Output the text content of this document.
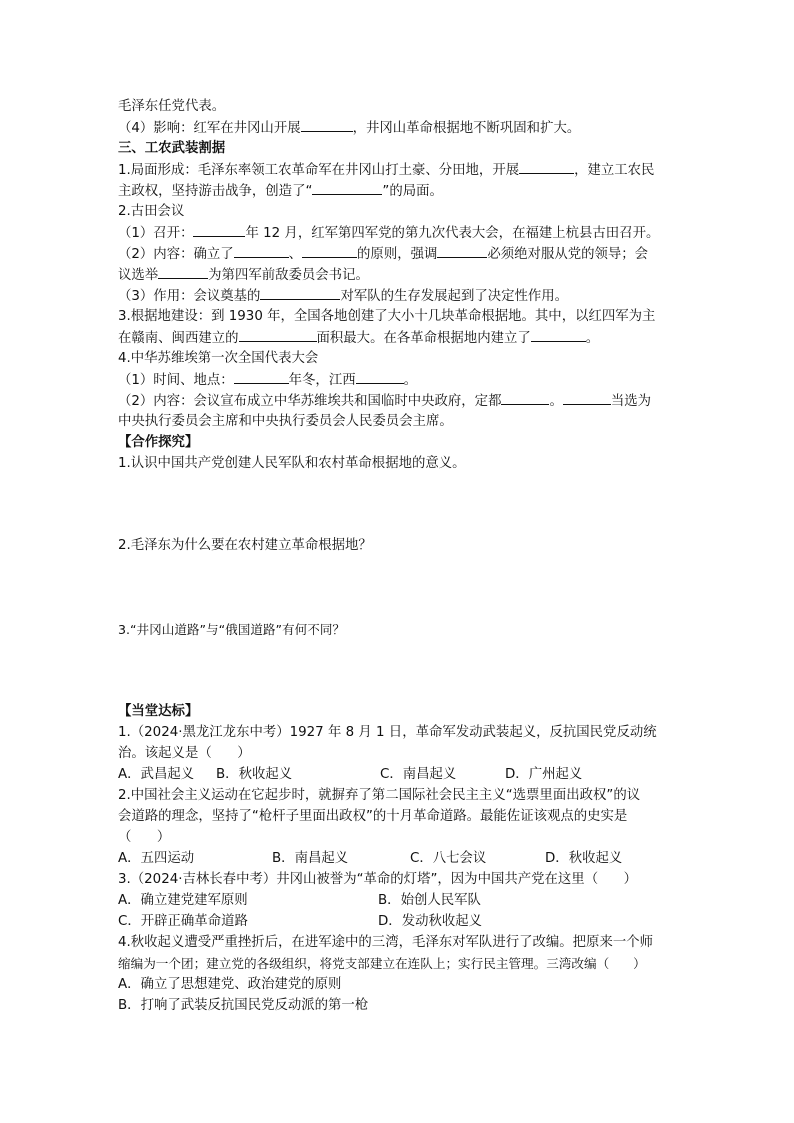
毛泽东任党代表。
（4）影响：红军在井冈山开展	，井冈山革命根据地不断巩固和扩大。
三、工农武装割据
1.局面形成：毛泽东率领工农革命军在井冈山打土豪、分田地，开展	，建立工农民
主政权，坚持游击战争，创造了“	”的局面。
2.古田会议
（1）召开：	年 12 月，红军第四军党的第九次代表大会，在福建上杭县古田召开。
（2）内容：确立了	、	的原则，强调	必须绝对服从党的领导；会
议选举	为第四军前敌委员会书记。
（3）作用：会议奠基的	对军队的生存发展起到了决定性作用。
3.根据地建设：到 1930 年，全国各地创建了大小十几块革命根据地。其中，以红四军为主
在赣南、闽西建立的	面积最大。在各革命根据地内建立了	。
4.中华苏维埃第一次全国代表大会
（1）时间、地点：	年冬，江西	。
（2）内容：会议宣布成立中华苏维埃共和国临时中央政府，定都	。	当选为
中央执行委员会主席和中央执行委员会人民委员会主席。
【合作探究】
1.认识中国共产党创建人民军队和农村革命根据地的意义。
2.毛泽东为什么要在农村建立革命根据地？
3.“井冈山道路”与“俄国道路”有何不同？
【当堂达标】
1.（2024·黑龙江龙东中考）1927 年 8 月 1 日，革命军发动武装起义，反抗国民党反动统
治。该起义是（      ）
A．武昌起义 B．秋收起义	C．南昌起义	D．广州起义
2.中国社会主义运动在它起步时，就摒弃了第二国际社会民主主义“选票里面出政权”的议
会道路的理念，坚持了“枪杆子里面出政权”的十月革命道路。最能佐证该观点的史实是
（      ）
A．五四运动	B．南昌起义	C．八七会议	D．秋收起义
3.（2024·吉林长春中考）井冈山被誉为“革命的灯塔”，因为中国共产党在这里（      ）
A．确立建党建军原则	B．始创人民军队
C．开辟正确革命道路	D．发动秋收起义
4.秋收起义遭受严重挫折后，在进军途中的三湾，毛泽东对军队进行了改编。把原来一个师
缩编为一个团；建立党的各级组织，将党支部建立在连队上；实行民主管理。三湾改编（      ）
A．确立了思想建党、政治建党的原则
B．打响了武装反抗国民党反动派的第一枪
